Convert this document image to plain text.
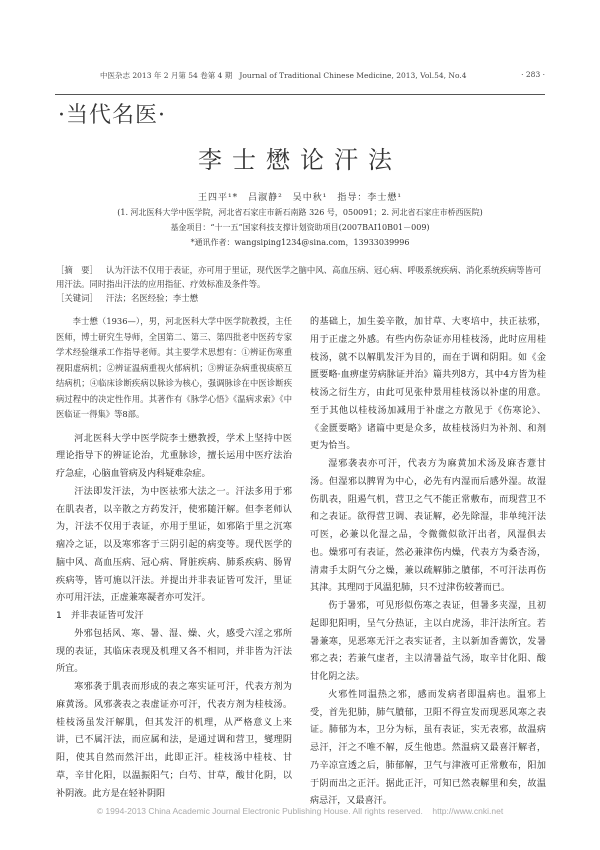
中医杂志 2013 年 2 月第 54 卷第 4 期 Journal of Traditional Chinese Medicine, 2013, Vol.54, No.4	· 283 ·
·当代名医·
李士懋论汗法
王四平¹*　吕淑静²　吴中秋¹　指导：李士懋¹
(1. 河北医科大学中医学院，河北省石家庄市新石南路 326 号，050091；2. 河北省石家庄市桥西医院)
基金项目：“十一五”国家科技支撑计划资助项目(2007BAI10B01－009)
*通讯作者：wangsiping1234@sina.com，13933039996
［摘　要］ 认为汗法不仅用于表证，亦可用于里证，现代医学之脑中风、高血压病、冠心病、呼吸系统疾病、消化系统疾病等皆可用汗法。同时指出汗法的应用指征、疗效标准及条件等。
［关键词］ 汗法；名医经验；李士懋

李士懋（1936—），男，河北医科大学中医学院教授，主任医师，博士研究生导师，全国第二、第三、第四批老中医药专家学术经验继承工作指导老师。其主要学术思想有：①辨证伤寒重视阳虚病机；②辨证温病重视火郁病机；③辨证杂病重视痰瘀互结病机；④临床诊断疾病以脉诊为核心，强调脉诊在中医诊断疾病过程中的决定性作用。其著作有《脉学心悟》《温病求索》《中医临证一得集》等8部。

河北医科大学中医学院李士懋教授，学术上坚持中医理论指导下的辨证论治，尤重脉诊，擅长运用中医疗法治疗急症，心脑血管病及内科疑难杂症。

汗法即发汗法，为中医祛邪大法之一。汗法多用于邪在肌表者，以辛散之方药发汗，使邪随汗解。但李老师认为，汗法不仅用于表证，亦用于里证，如邪陷于里之沉寒痼冷之证，以及寒邪客于三阴引起的病变等。现代医学的脑中风、高血压病、冠心病、肾脏疾病、肺系疾病、肠胃疾病等，皆可施以汗法。并提出并非表证皆可发汗，里证亦可用汗法，正虚兼寒凝者亦可发汗。

1　并非表证皆可发汗

外邪包括风、寒、暑、湿、燥、火，感受六淫之邪所现的表证，其临床表现及机理又各不相同，并非皆为汗法所宜。

寒邪袭于肌表而形成的表之寒实证可汗，代表方剂为麻黄汤。风邪袭表之表虚证亦可汗，代表方剂为桂枝汤。桂枝汤虽发汗解肌，但其发汗的机理，从严格意义上来讲，已不属汗法，而应属和法，是通过调和营卫，燮理阴阳，使其自然而然汗出，此即正汗。桂枝汤中桂枝、甘草，辛甘化阳，以温振阳气；白芍、甘草，酸甘化阴，以补阴液。此方是在轻补阴阳

的基础上，加生姜辛散，加甘草、大枣培中，扶正祛邪，用于正虚之外感。有些内伤杂证亦用桂枝汤，此时应用桂枝汤，就不以解肌发汗为目的，而在于调和阴阳。如《金匮要略·血痹虚劳病脉证并治》篇共列8方，其中4方皆为桂枝汤之衍生方，由此可见张仲景用桂枝汤以补虚的用意。至于其他以桂枝汤加减用于补虚之方散见于《伤寒论》、《金匮要略》诸篇中更是众多，故桂枝汤归为补剂、和剂更为恰当。

湿邪袭表亦可汗，代表方为麻黄加术汤及麻杏薏甘汤。但湿邪以脾胃为中心，必先有内湿而后感外湿。故湿伤肌表，阻遏气机，营卫之气不能正常敷布，而现营卫不和之表证。欲得营卫调、表证解，必先除湿，非单纯汗法可医，必兼以化湿之品，令微微似欲汗出者，风湿俱去也。燥邪可有表证，然必兼津伤内燥，代表方为桑杏汤，清肃手太阴气分之燥，兼以疏解肺之膹郁，不可汗法再伤其津。其理同于风温犯肺，只不过津伤较著而已。

伤于暑邪，可见形似伤寒之表证，但暑多夹湿，且初起即犯阳明，呈气分热证，主以白虎汤，非汗法所宜。若暑兼寒，见恶寒无汗之表实证者，主以新加香薷饮，发暑邪之表；若兼气虚者，主以清暑益气汤，取辛甘化阳、酸甘化阴之法。

火邪性同温热之邪，感而发病者即温病也。温邪上受，首先犯肺，肺气膹郁，卫阳不得宣发而现恶风寒之表证。肺郁为本，卫分为标，虽有表证，实无表邪，故温病忌汗，汗之不唯不解，反生他患。然温病又最喜汗解者，乃辛凉宣透之后，肺郁解，卫气与津液可正常敷布，阳加于阴而出之正汗。据此正汗，可知已然表解里和矣，故温病忌汗，又最喜汗。

© 1994-2013 China Academic Journal Electronic Publishing House. All rights reserved.    http://www.cnki.net
